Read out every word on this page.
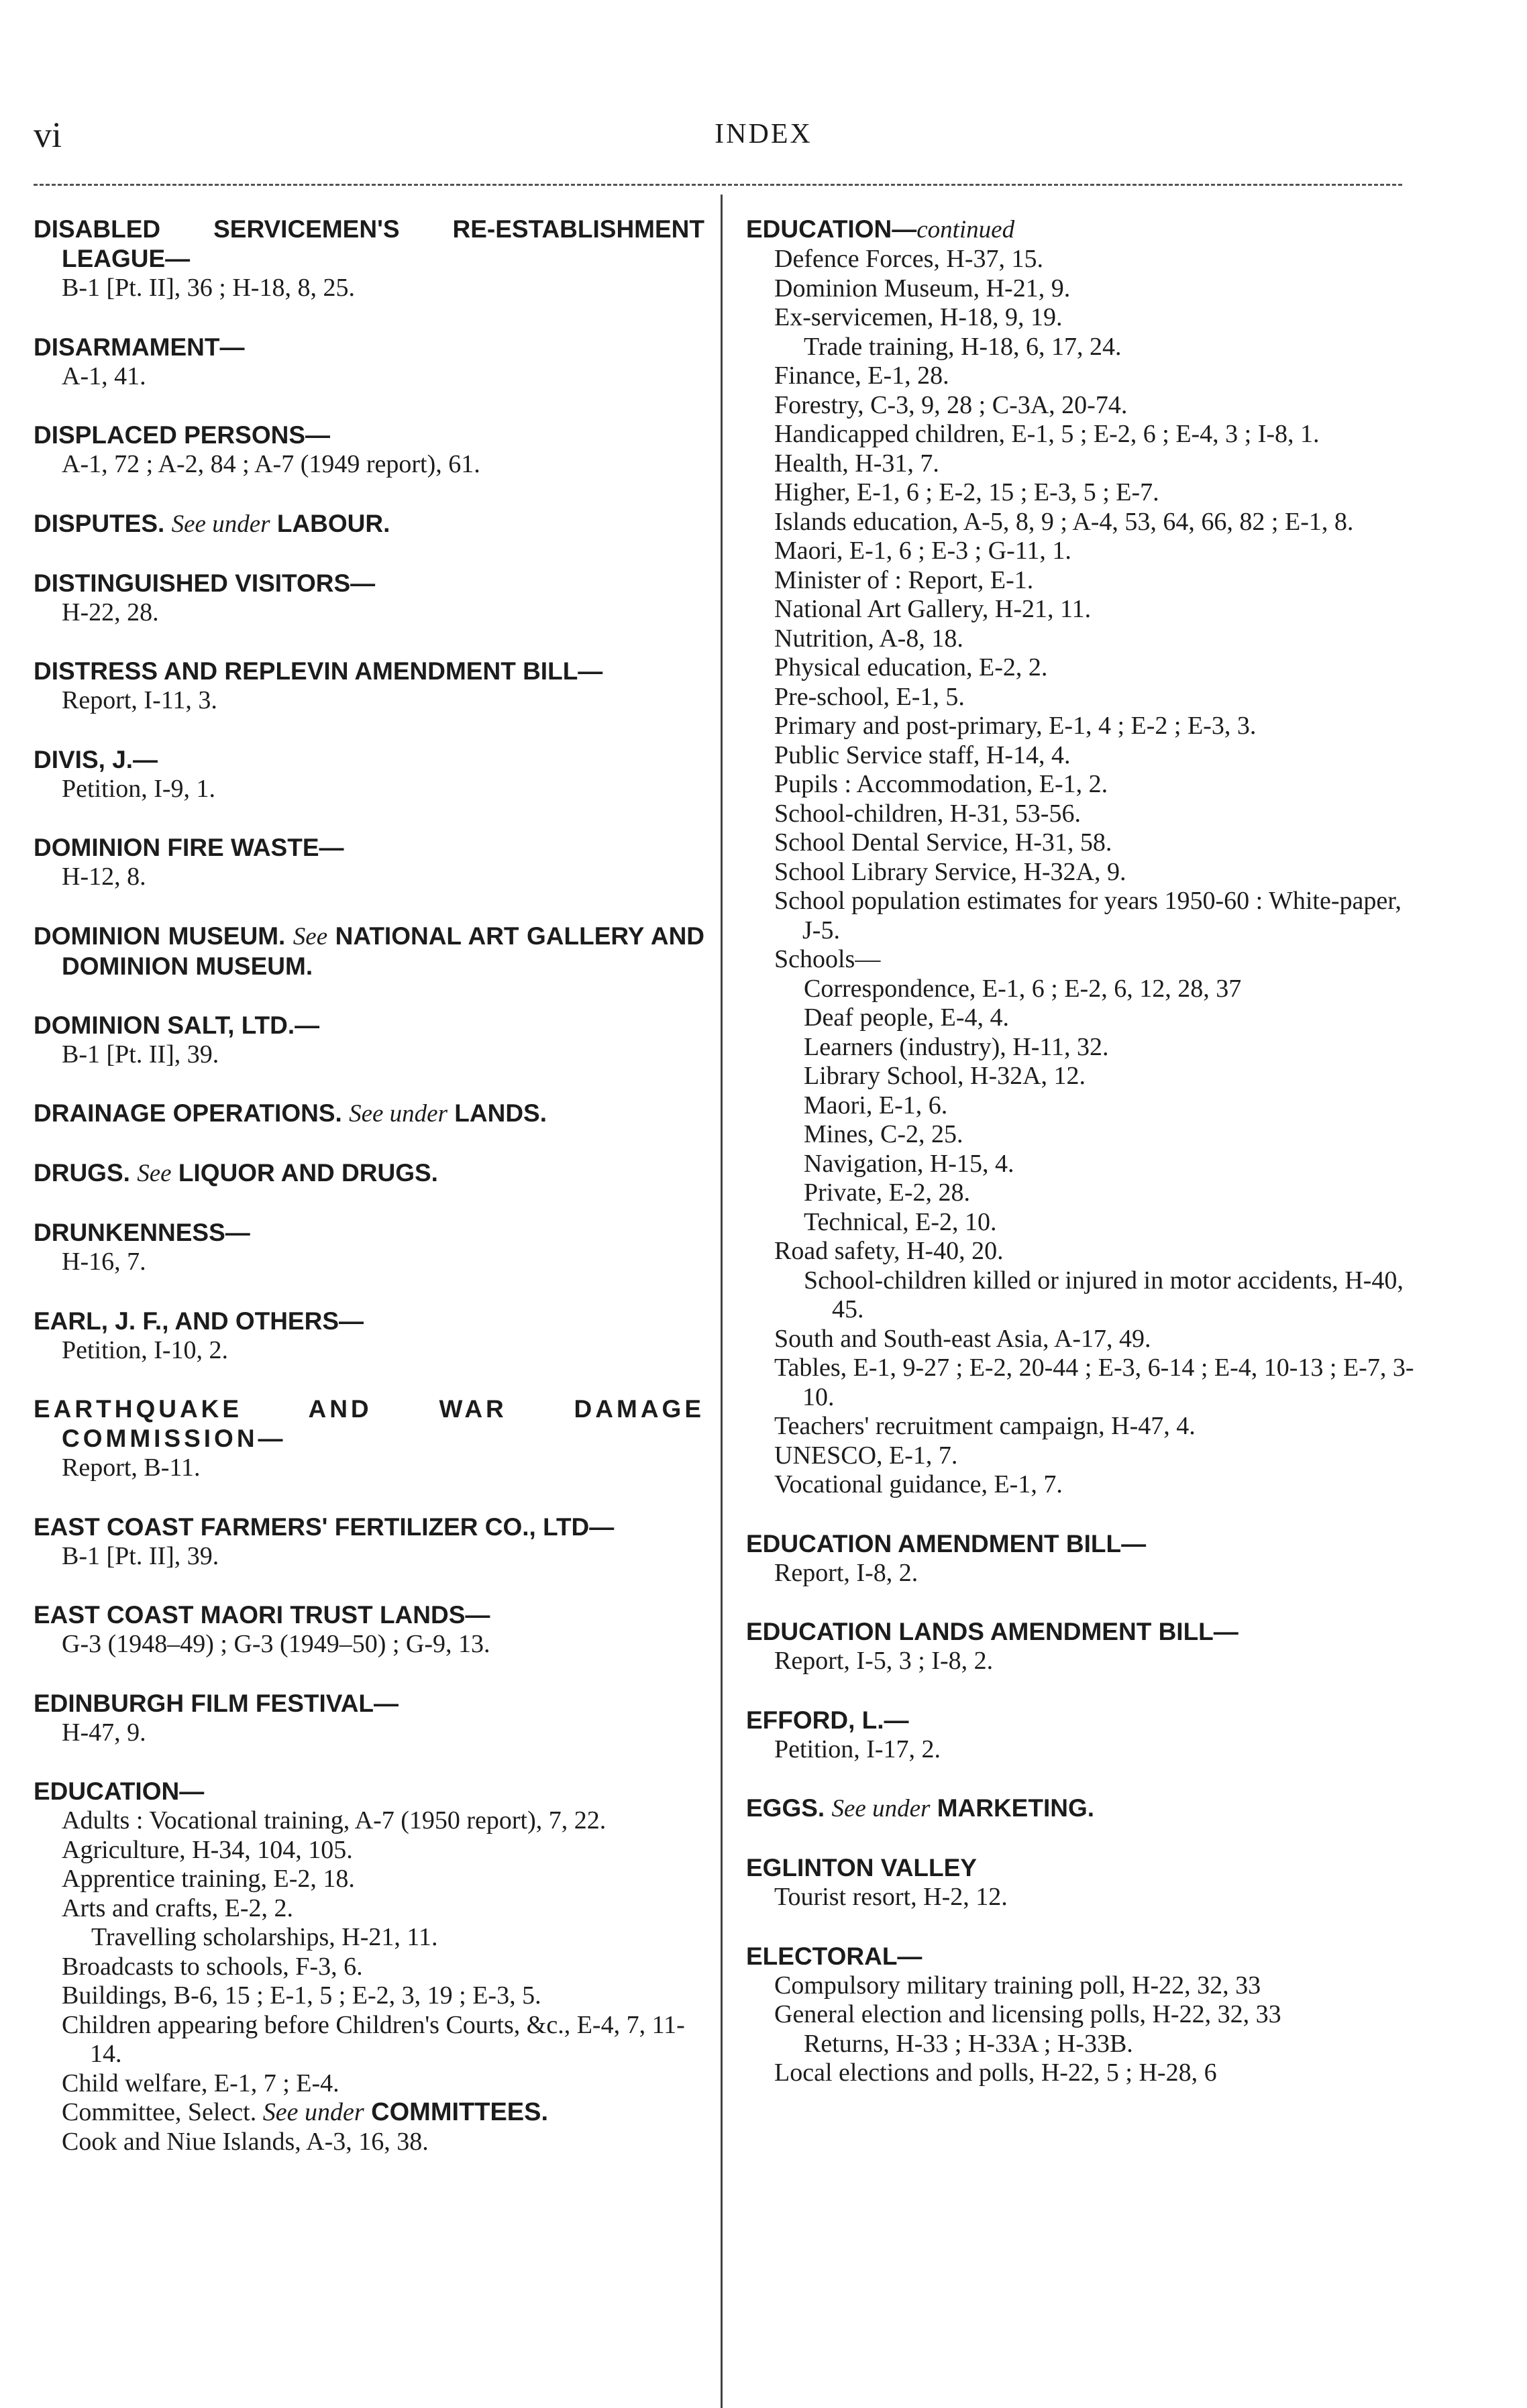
vi	INDEX
DISABLED SERVICEMEN'S RE-ESTABLISHMENT LEAGUE—
B-1 [Pt. II], 36 ; H-18, 8, 25.
DISARMAMENT—
A-1, 41.
DISPLACED PERSONS—
A-1, 72 ; A-2, 84 ; A-7 (1949 report), 61.
DISPUTES. See under LABOUR.
DISTINGUISHED VISITORS—
H-22, 28.
DISTRESS AND REPLEVIN AMENDMENT BILL—
Report, I-11, 3.
DIVIS, J.—
Petition, I-9, 1.
DOMINION FIRE WASTE—
H-12, 8.
DOMINION MUSEUM. See NATIONAL ART GALLERY AND DOMINION MUSEUM.
DOMINION SALT, LTD.—
B-1 [Pt. II], 39.
DRAINAGE OPERATIONS. See under LANDS.
DRUGS. See LIQUOR AND DRUGS.
DRUNKENNESS—
H-16, 7.
EARL, J. F., AND OTHERS—
Petition, I-10, 2.
EARTHQUAKE AND WAR DAMAGE COMMISSION—
Report, B-11.
EAST COAST FARMERS' FERTILIZER CO., LTD—
B-1 [Pt. II], 39.
EAST COAST MAORI TRUST LANDS—
G-3 (1948–49) ; G-3 (1949–50) ; G-9, 13.
EDINBURGH FILM FESTIVAL—
H-47, 9.
EDUCATION—
Adults : Vocational training, A-7 (1950 report), 7, 22.
Agriculture, H-34, 104, 105.
Apprentice training, E-2, 18.
Arts and crafts, E-2, 2.
Travelling scholarships, H-21, 11.
Broadcasts to schools, F-3, 6.
Buildings, B-6, 15 ; E-1, 5 ; E-2, 3, 19 ; E-3, 5.
Children appearing before Children's Courts, &c., E-4, 7, 11-14.
Child welfare, E-1, 7 ; E-4.
Committee, Select. See under COMMITTEES.
Cook and Niue Islands, A-3, 16, 38.
EDUCATION—continued
Defence Forces, H-37, 15.
Dominion Museum, H-21, 9.
Ex-servicemen, H-18, 9, 19.
Trade training, H-18, 6, 17, 24.
Finance, E-1, 28.
Forestry, C-3, 9, 28 ; C-3A, 20-74.
Handicapped children, E-1, 5 ; E-2, 6 ; E-4, 3 ; I-8, 1.
Health, H-31, 7.
Higher, E-1, 6 ; E-2, 15 ; E-3, 5 ; E-7.
Islands education, A-5, 8, 9 ; A-4, 53, 64, 66, 82 ; E-1, 8.
Maori, E-1, 6 ; E-3 ; G-11, 1.
Minister of : Report, E-1.
National Art Gallery, H-21, 11.
Nutrition, A-8, 18.
Physical education, E-2, 2.
Pre-school, E-1, 5.
Primary and post-primary, E-1, 4 ; E-2 ; E-3, 3.
Public Service staff, H-14, 4.
Pupils : Accommodation, E-1, 2.
School-children, H-31, 53-56.
School Dental Service, H-31, 58.
School Library Service, H-32A, 9.
School population estimates for years 1950-60 : White-paper, J-5.
Schools—
Correspondence, E-1, 6 ; E-2, 6, 12, 28, 37
Deaf people, E-4, 4.
Learners (industry), H-11, 32.
Library School, H-32A, 12.
Maori, E-1, 6.
Mines, C-2, 25.
Navigation, H-15, 4.
Private, E-2, 28.
Technical, E-2, 10.
Road safety, H-40, 20.
School-children killed or injured in motor accidents, H-40, 45.
South and South-east Asia, A-17, 49.
Tables, E-1, 9-27 ; E-2, 20-44 ; E-3, 6-14 ; E-4, 10-13 ; E-7, 3-10.
Teachers' recruitment campaign, H-47, 4.
UNESCO, E-1, 7.
Vocational guidance, E-1, 7.
EDUCATION AMENDMENT BILL—
Report, I-8, 2.
EDUCATION LANDS AMENDMENT BILL—
Report, I-5, 3 ; I-8, 2.
EFFORD, L.—
Petition, I-17, 2.
EGGS. See under MARKETING.
EGLINTON VALLEY
Tourist resort, H-2, 12.
ELECTORAL—
Compulsory military training poll, H-22, 32, 33
General election and licensing polls, H-22, 32, 33
Returns, H-33 ; H-33A ; H-33B.
Local elections and polls, H-22, 5 ; H-28, 6
